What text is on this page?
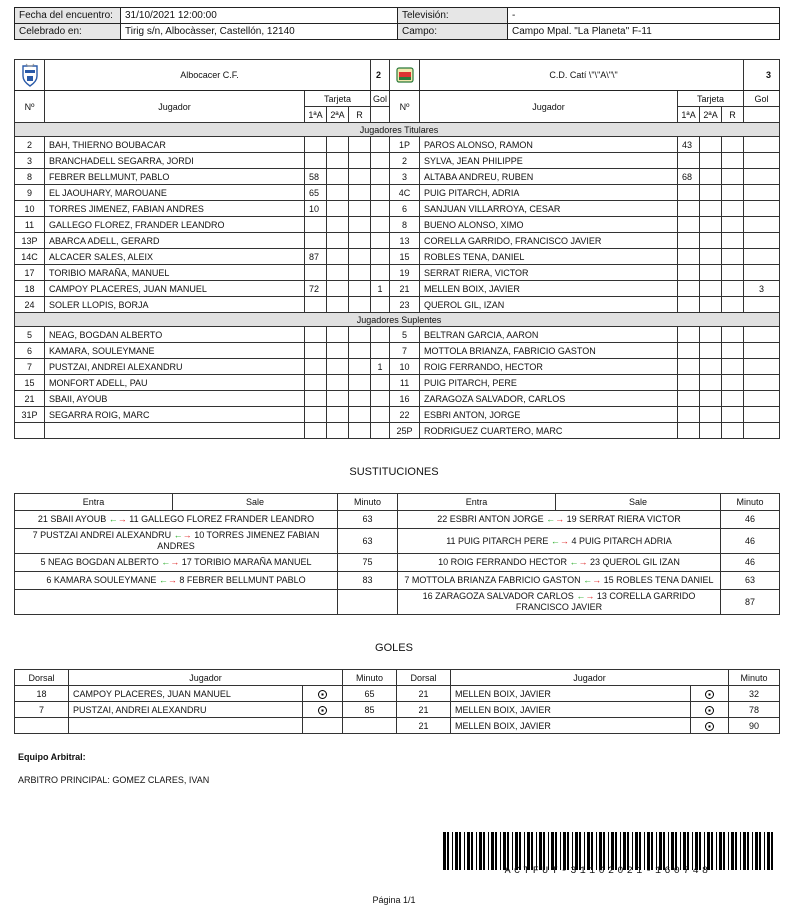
Fecha del encuentro:	31/10/2021 12:00:00	Televisión:	-
Celebrado en:	Tirig s/n, Albocàsser, Castellón, 12140	Campo:	Campo Mpal. "La Planeta" F-11
	Albocacer C.F.				2		C.D. Catí \"\"A\"\"				3
Nº	Jugador	Tarjeta			Gol	Nº	Jugador	Tarjeta			Gol
		1ªA	2ªA	R				1ªA	2ªA	R	
Jugadores Titulares											
2	BAH, THIERNO BOUBACAR					1P	PAROS ALONSO, RAMON	43			
3	BRANCHADELL SEGARRA, JORDI					2	SYLVA, JEAN PHILIPPE				
8	FEBRER BELLMUNT, PABLO	58				3	ALTABA ANDREU, RUBEN	68			
9	EL JAOUHARY, MAROUANE	65				4C	PUIG PITARCH, ADRIA				
10	TORRES JIMENEZ, FABIAN ANDRES	10				6	SANJUAN VILLARROYA, CESAR				
11	GALLEGO FLOREZ, FRANDER LEANDRO					8	BUENO ALONSO, XIMO				
13P	ABARCA ADELL, GERARD					13	CORELLA GARRIDO, FRANCISCO JAVIER				
14C	ALCACER SALES, ALEIX	87				15	ROBLES TENA, DANIEL				
17	TORIBIO MARAÑA, MANUEL					19	SERRAT RIERA, VICTOR				
18	CAMPOY PLACERES, JUAN MANUEL	72			1	21	MELLEN BOIX, JAVIER				3
24	SOLER LLOPIS, BORJA					23	QUEROL GIL, IZAN				
Jugadores Suplentes											
5	NEAG, BOGDAN ALBERTO					5	BELTRAN GARCIA, AARON				
6	KAMARA, SOULEYMANE					7	MOTTOLA BRIANZA, FABRICIO GASTON				
7	PUSTZAI, ANDREI ALEXANDRU				1	10	ROIG FERRANDO, HECTOR				
15	MONFORT ADELL, PAU					11	PUIG PITARCH, PERE				
21	SBAII, AYOUB					16	ZARAGOZA SALVADOR, CARLOS				
31P	SEGARRA ROIG, MARC					22	ESBRI ANTON, JORGE				
						25P	RODRIGUEZ CUARTERO, MARC				
SUSTITUCIONES
Entra	Sale	Minuto	Entra	Sale	Minuto
21 SBAII AYOUB ←→ 11 GALLEGO FLOREZ FRANDER LEANDRO		63	22 ESBRI ANTON JORGE ←→ 19 SERRAT RIERA VICTOR		46
7 PUSTZAI ANDREI ALEXANDRU ←→ 10 TORRES JIMENEZ FABIAN ANDRES		63	11 PUIG PITARCH PERE ←→ 4 PUIG PITARCH ADRIA		46
5 NEAG BOGDAN ALBERTO ←→ 17 TORIBIO MARAÑA MANUEL		75	10 ROIG FERRANDO HECTOR ←→ 23 QUEROL GIL IZAN		46
6 KAMARA SOULEYMANE ←→ 8 FEBRER BELLMUNT PABLO		83	7 MOTTOLA BRIANZA FABRICIO GASTON ←→ 15 ROBLES TENA DANIEL		63
			16 ZARAGOZA SALVADOR CARLOS ←→ 13 CORELLA GARRIDO FRANCISCO JAVIER		87
GOLES
Dorsal	Jugador		Minuto	Dorsal	Jugador		Minuto
18	CAMPOY PLACERES, JUAN MANUEL		65	21	MELLEN BOIX, JAVIER		32
7	PUSTZAI, ANDREI ALEXANDRU		85	21	MELLEN BOIX, JAVIER		78
				21	MELLEN BOIX, JAVIER		90
Equipo Arbitral:
ARBITRO PRINCIPAL: GOMEZ CLARES, IVAN
ACTFUT-31102021-160748
Página 1/1
